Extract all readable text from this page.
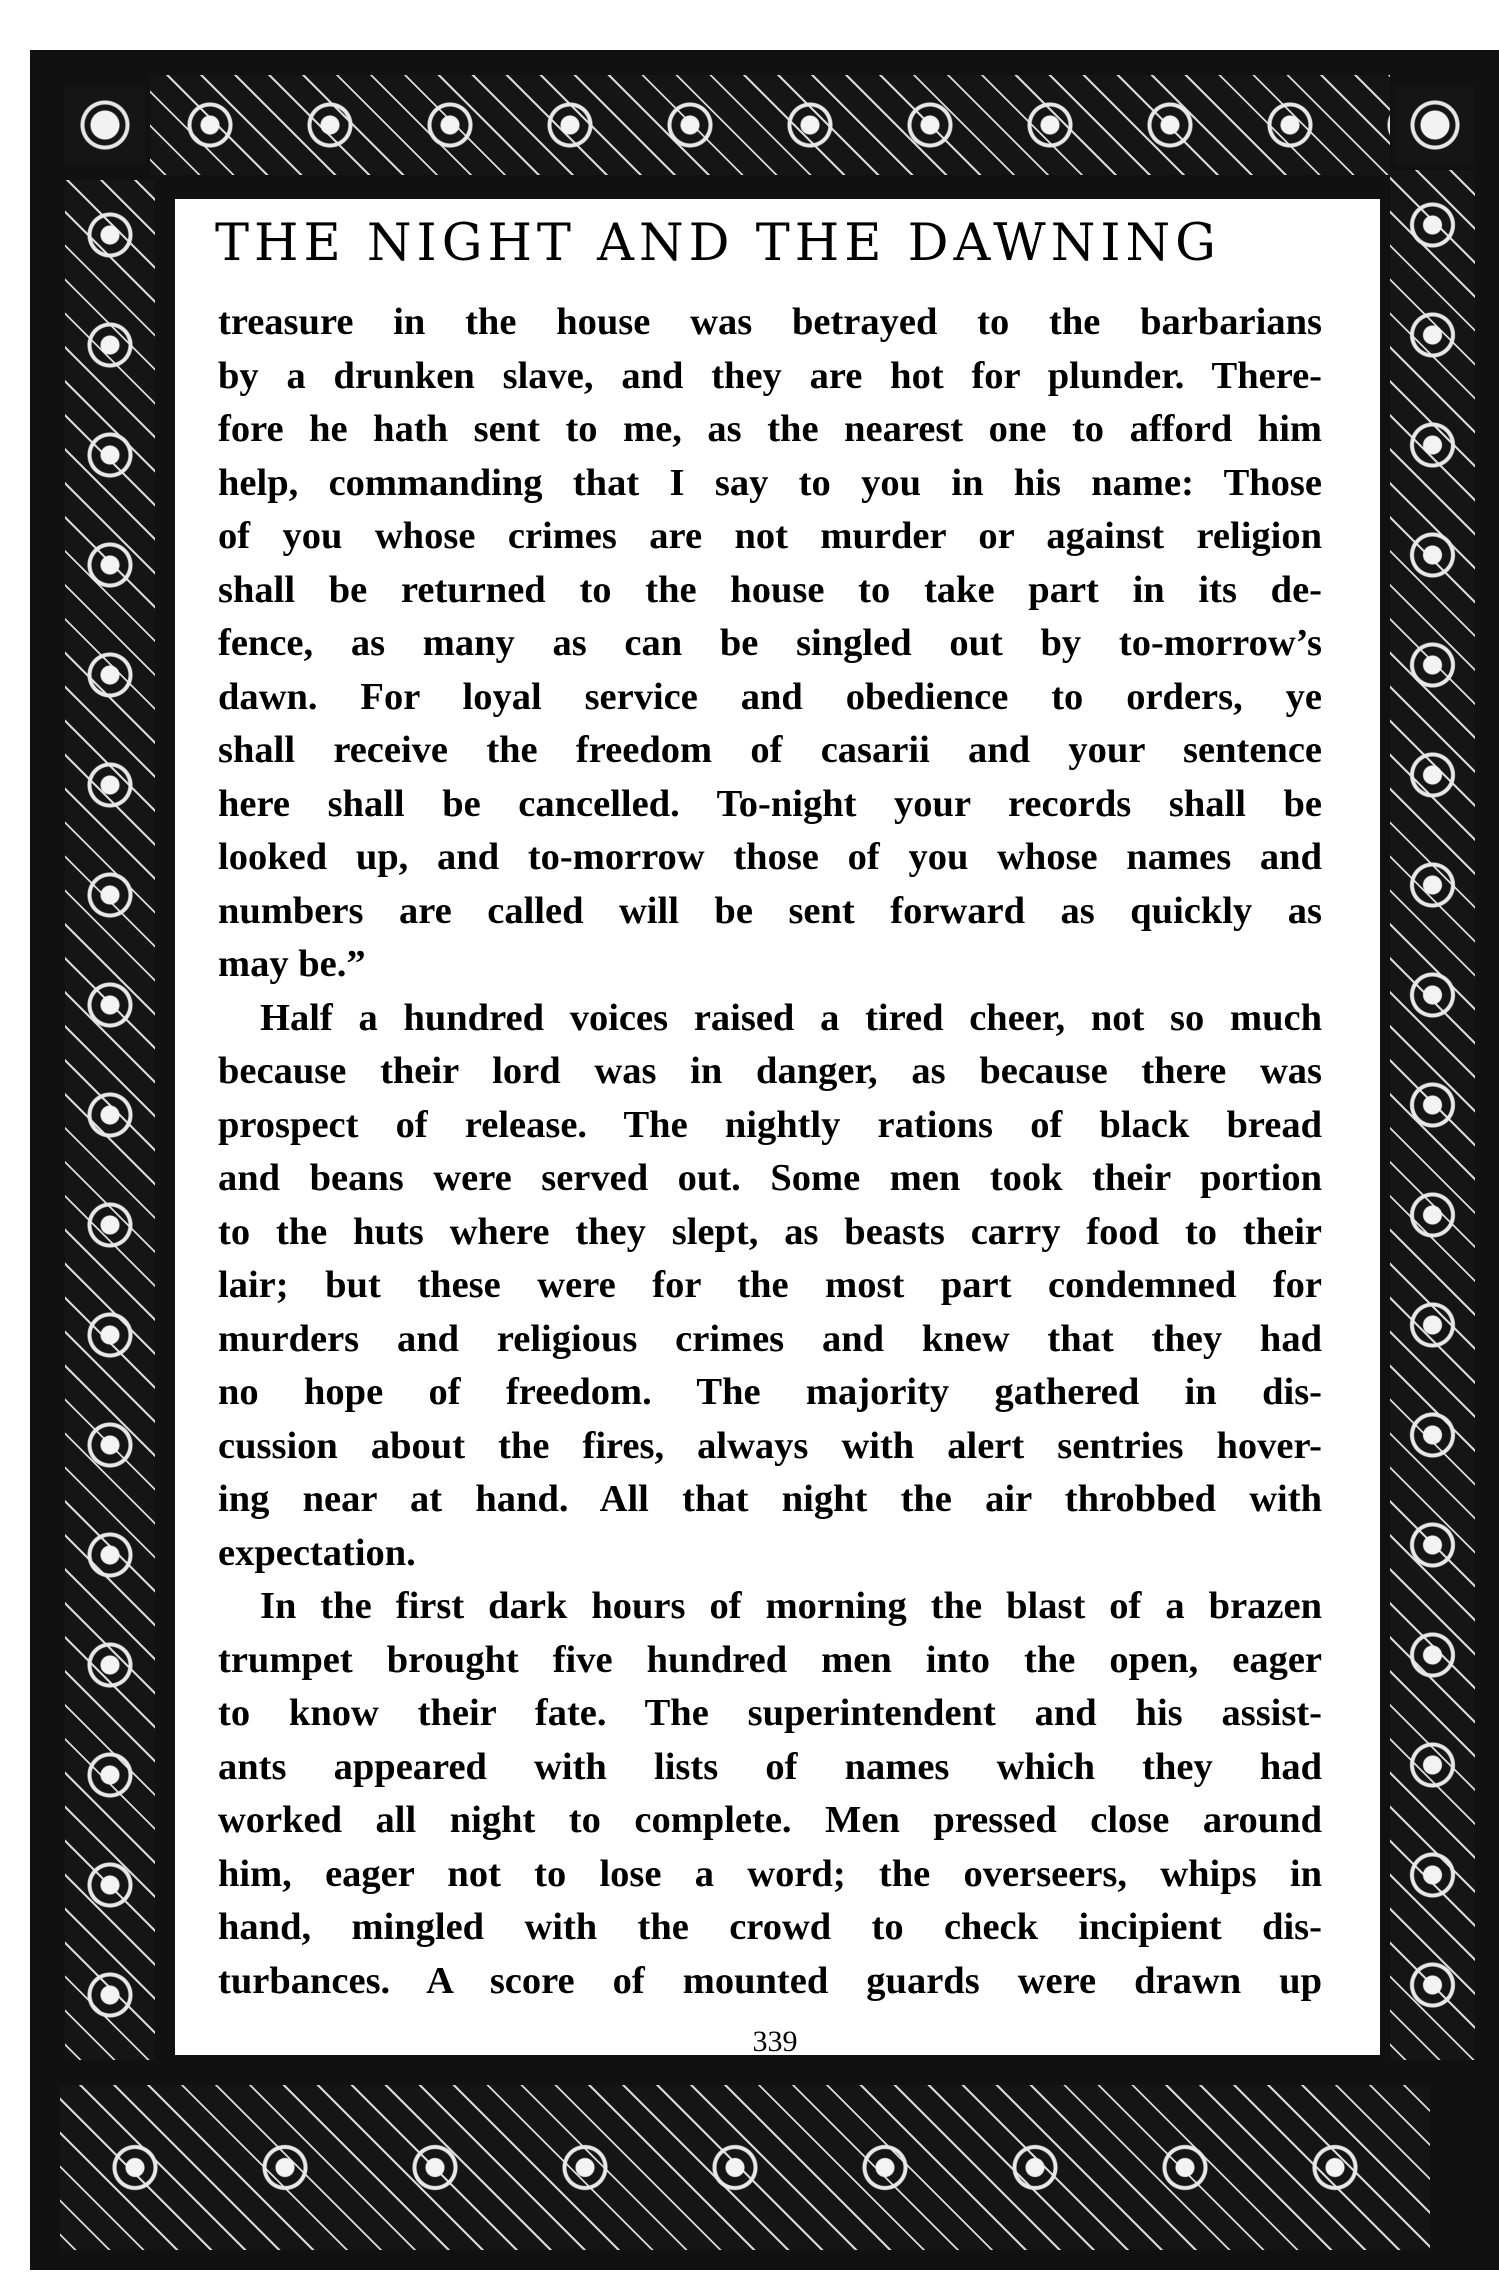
THE NIGHT AND THE DAWNING
treasure in the house was betrayed to the barbarians
by a drunken slave, and they are hot for plunder. There-
fore he hath sent to me, as the nearest one to afford him
help, commanding that I say to you in his name: Those
of you whose crimes are not murder or against religion
shall be returned to the house to take part in its de-
fence, as many as can be singled out by to-morrow’s
dawn. For loyal service and obedience to orders, ye
shall receive the freedom of casarii and your sentence
here shall be cancelled. To-night your records shall be
looked up, and to-morrow those of you whose names and
numbers are called will be sent forward as quickly as
may be.”
Half a hundred voices raised a tired cheer, not so much
because their lord was in danger, as because there was
prospect of release. The nightly rations of black bread
and beans were served out. Some men took their portion
to the huts where they slept, as beasts carry food to their
lair; but these were for the most part condemned for
murders and religious crimes and knew that they had
no hope of freedom. The majority gathered in dis-
cussion about the fires, always with alert sentries hover-
ing near at hand. All that night the air throbbed with
expectation.
In the first dark hours of morning the blast of a brazen
trumpet brought five hundred men into the open, eager
to know their fate. The superintendent and his assist-
ants appeared with lists of names which they had
worked all night to complete. Men pressed close around
him, eager not to lose a word; the overseers, whips in
hand, mingled with the crowd to check incipient dis-
turbances. A score of mounted guards were drawn up
339
